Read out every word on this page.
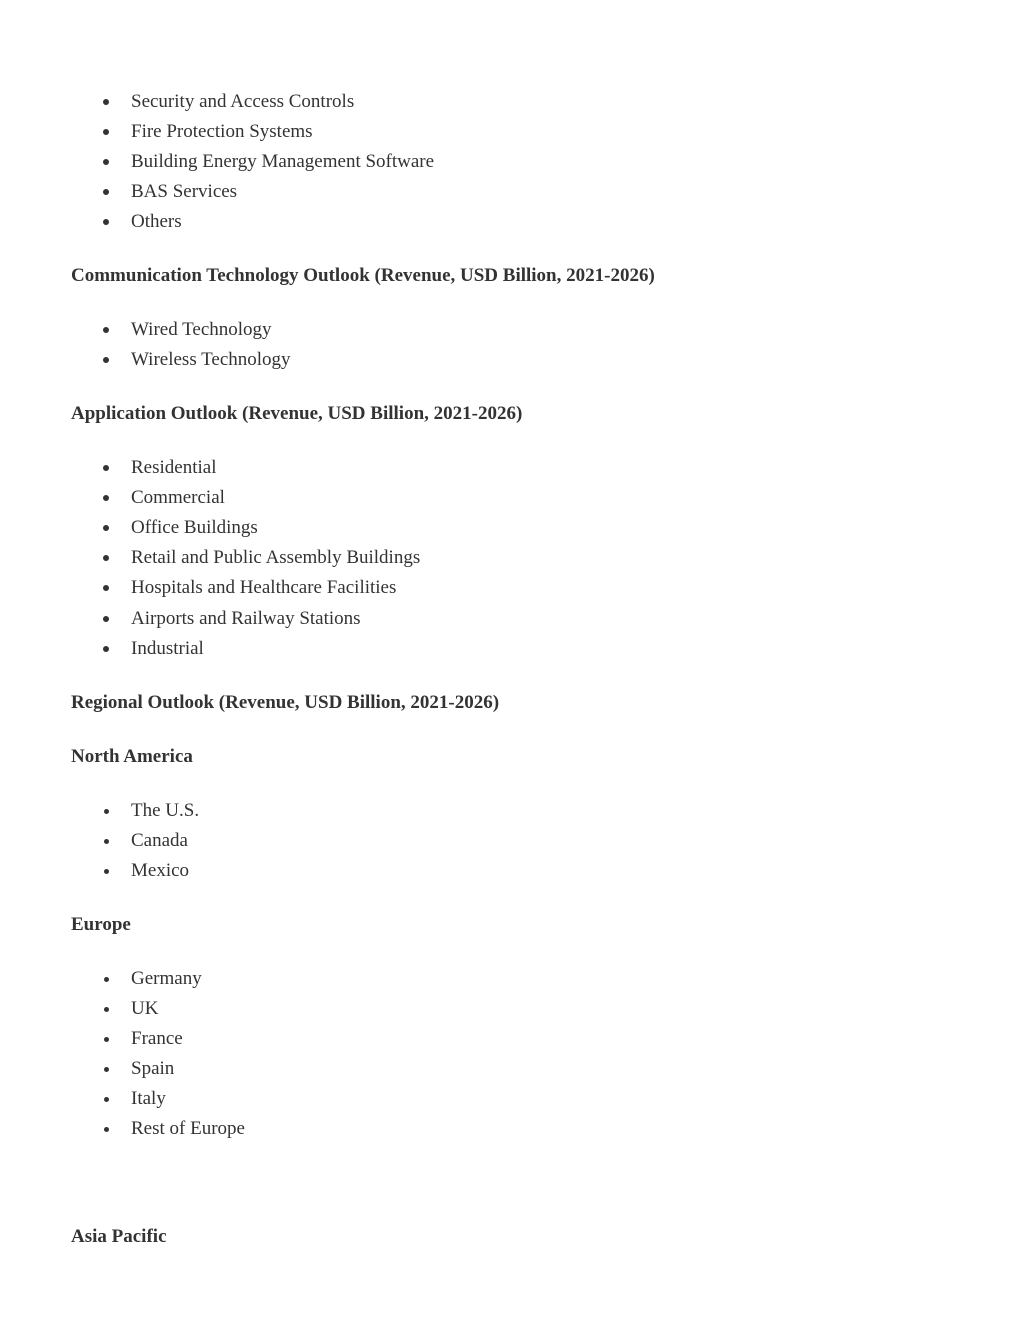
Security and Access Controls
Fire Protection Systems
Building Energy Management Software
BAS Services
Others
Communication Technology Outlook (Revenue, USD Billion, 2021-2026)
Wired Technology
Wireless Technology
Application Outlook (Revenue, USD Billion, 2021-2026)
Residential
Commercial
Office Buildings
Retail and Public Assembly Buildings
Hospitals and Healthcare Facilities
Airports and Railway Stations
Industrial
Regional Outlook (Revenue, USD Billion, 2021-2026)
North America
The U.S.
Canada
Mexico
Europe
Germany
UK
France
Spain
Italy
Rest of Europe
Asia Pacific
